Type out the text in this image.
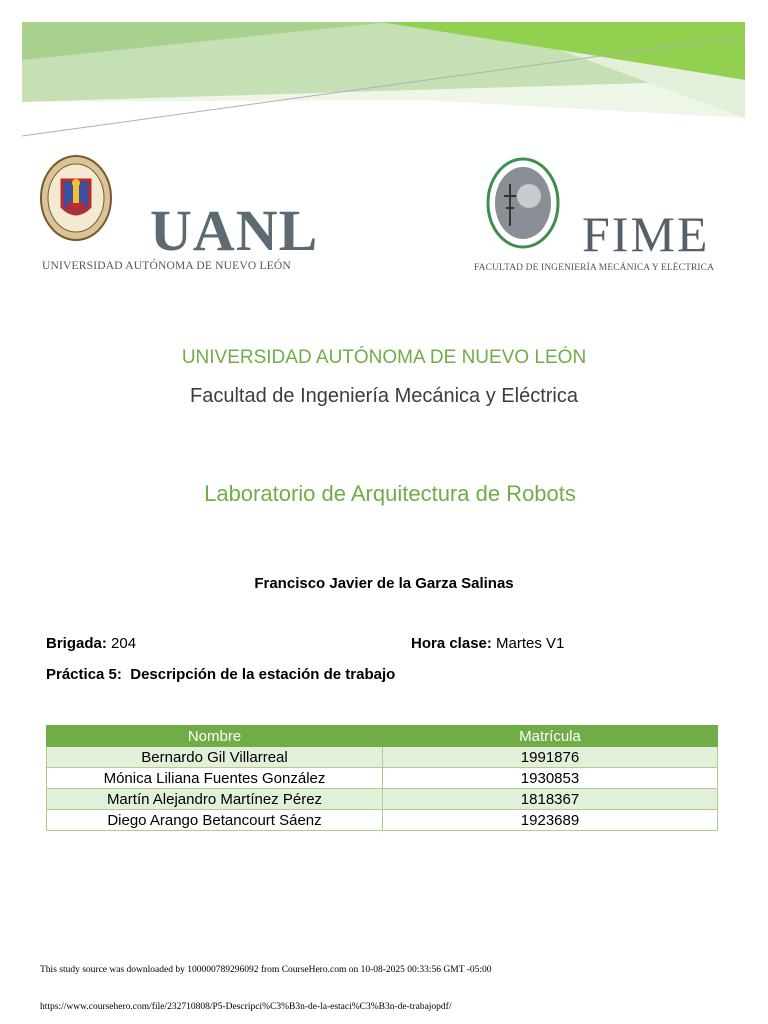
UANL
UNIVERSIDAD AUTÓNOMA DE NUEVO LEÓN
FIME
FACULTAD DE INGENIERÍA MECÁNICA Y ELÉCTRICA
UNIVERSIDAD AUTÓNOMA DE NUEVO LEÓN
Facultad de Ingeniería Mecánica y Eléctrica
Laboratorio de Arquitectura de Robots
Francisco Javier de la Garza Salinas
Brigada: 204	Hora clase: Martes V1
Práctica 5: Descripción de la estación de trabajo
Nombre	Matrícula
Bernardo Gil Villarreal	1991876
Mónica Liliana Fuentes González	1930853
Martín Alejandro Martínez Pérez	1818367
Diego Arango Betancourt Sáenz	1923689
This study source was downloaded by 100000789296092 from CourseHero.com on 10-08-2025 00:33:56 GMT -05:00
https://www.coursehero.com/file/232710808/P5-Descripci%C3%B3n-de-la-estaci%C3%B3n-de-trabajopdf/
